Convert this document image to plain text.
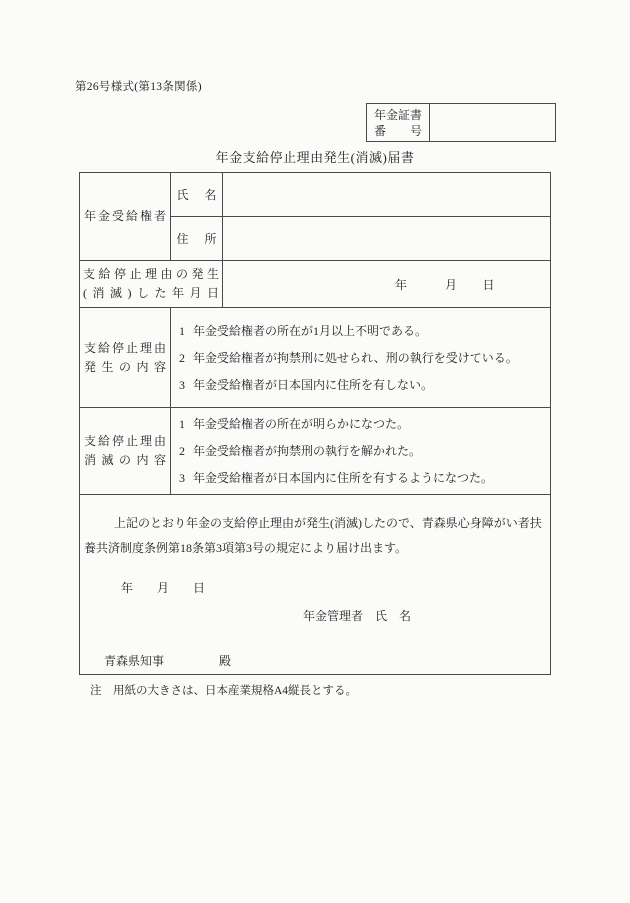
第26号様式(第13条関係)
年金証書
番号
年金支給停止理由発生(消滅)届書
年金受給権者
氏名
住所
支給停止理由の発生
(消滅)した年月日
年　　　月　　日
支給停止理由
発生の内容
1 年金受給権者の所在が1月以上不明である。
2 年金受給権者が拘禁刑に処せられ、刑の執行を受けている。
3 年金受給権者が日本国内に住所を有しない。
支給停止理由
消滅の内容
1 年金受給権者の所在が明らかになつた。
2 年金受給権者が拘禁刑の執行を解かれた。
3 年金受給権者が日本国内に住所を有するようになつた。
上記のとおり年金の支給停止理由が発生(消滅)したので、青森県心身障がい者扶養共済制度条例第18条第3項第3号の規定により届け出ます。
年　　月　　日
年金管理者　氏　名
青森県知事	殿
注　用紙の大きさは、日本産業規格A4縦長とする。
